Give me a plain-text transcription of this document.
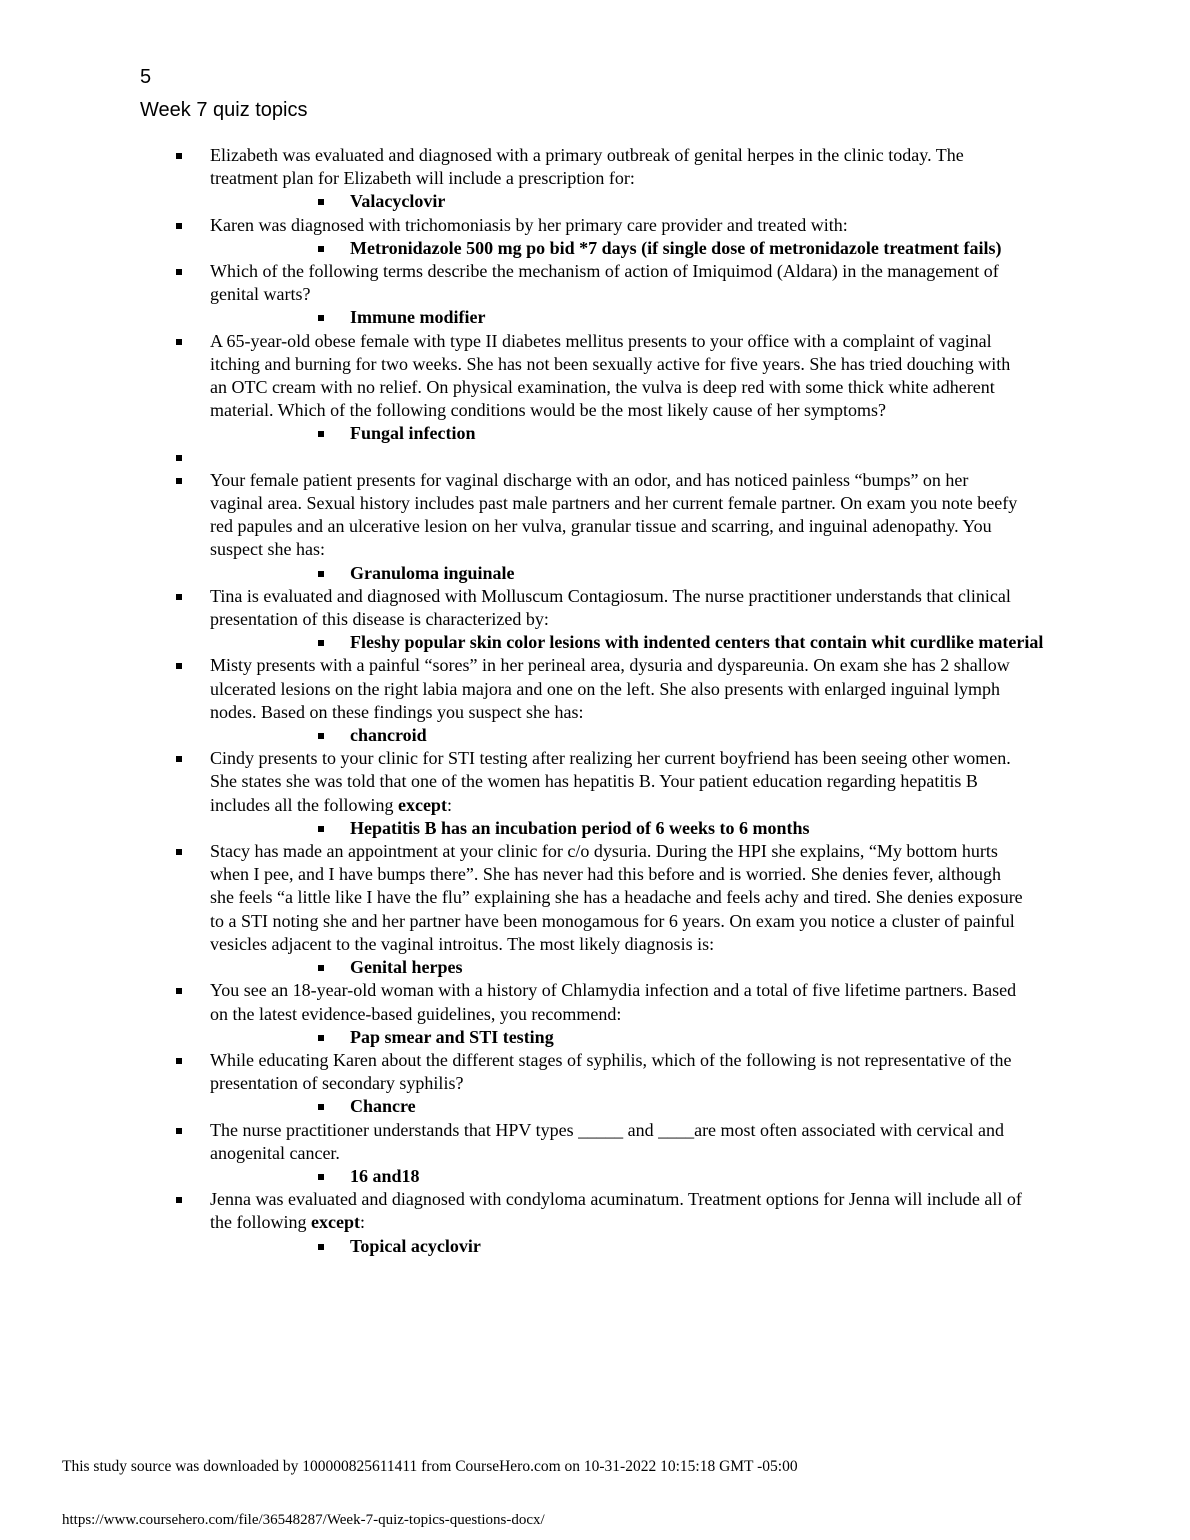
5
Week 7 quiz topics
Elizabeth was evaluated and diagnosed with a primary outbreak of genital herpes in the clinic today. The treatment plan for Elizabeth will include a prescription for:
Valacyclovir
Karen was diagnosed with trichomoniasis by her primary care provider and treated with:
Metronidazole 500 mg po bid *7 days (if single dose of metronidazole treatment fails)
Which of the following terms describe the mechanism of action of Imiquimod (Aldara) in the management of genital warts?
Immune modifier
A 65-year-old obese female with type II diabetes mellitus presents to your office with a complaint of vaginal itching and burning for two weeks. She has not been sexually active for five years. She has tried douching with an OTC cream with no relief. On physical examination, the vulva is deep red with some thick white adherent material. Which of the following conditions would be the most likely cause of her symptoms?
Fungal infection
Your female patient presents for vaginal discharge with an odor, and has noticed painless “bumps” on her vaginal area. Sexual history includes past male partners and her current female partner. On exam you note beefy red papules and an ulcerative lesion on her vulva, granular tissue and scarring, and inguinal adenopathy. You suspect she has:
Granuloma inguinale
Tina is evaluated and diagnosed with Molluscum Contagiosum. The nurse practitioner understands that clinical presentation of this disease is characterized by:
Fleshy popular skin color lesions with indented centers that contain whit curdlike material
Misty presents with a painful “sores” in her perineal area, dysuria and dyspareunia. On exam she has 2 shallow ulcerated lesions on the right labia majora and one on the left. She also presents with enlarged inguinal lymph nodes. Based on these findings you suspect she has:
chancroid
Cindy presents to your clinic for STI testing after realizing her current boyfriend has been seeing other women. She states she was told that one of the women has hepatitis B. Your patient education regarding hepatitis B includes all the following except:
Hepatitis B has an incubation period of 6 weeks to 6 months
Stacy has made an appointment at your clinic for c/o dysuria. During the HPI she explains, “My bottom hurts when I pee, and I have bumps there”. She has never had this before and is worried. She denies fever, although she feels “a little like I have the flu” explaining she has a headache and feels achy and tired. She denies exposure to a STI noting she and her partner have been monogamous for 6 years. On exam you notice a cluster of painful vesicles adjacent to the vaginal introitus. The most likely diagnosis is:
Genital herpes
You see an 18-year-old woman with a history of Chlamydia infection and a total of five lifetime partners. Based on the latest evidence-based guidelines, you recommend:
Pap smear and STI testing
While educating Karen about the different stages of syphilis, which of the following is not representative of the presentation of secondary syphilis?
Chancre
The nurse practitioner understands that HPV types _____ and ____are most often associated with cervical and anogenital cancer.
16 and18
Jenna was evaluated and diagnosed with condyloma acuminatum. Treatment options for Jenna will include all of the following except:
Topical acyclovir
This study source was downloaded by 100000825611411 from CourseHero.com on 10-31-2022 10:15:18 GMT -05:00
https://www.coursehero.com/file/36548287/Week-7-quiz-topics-questions-docx/
